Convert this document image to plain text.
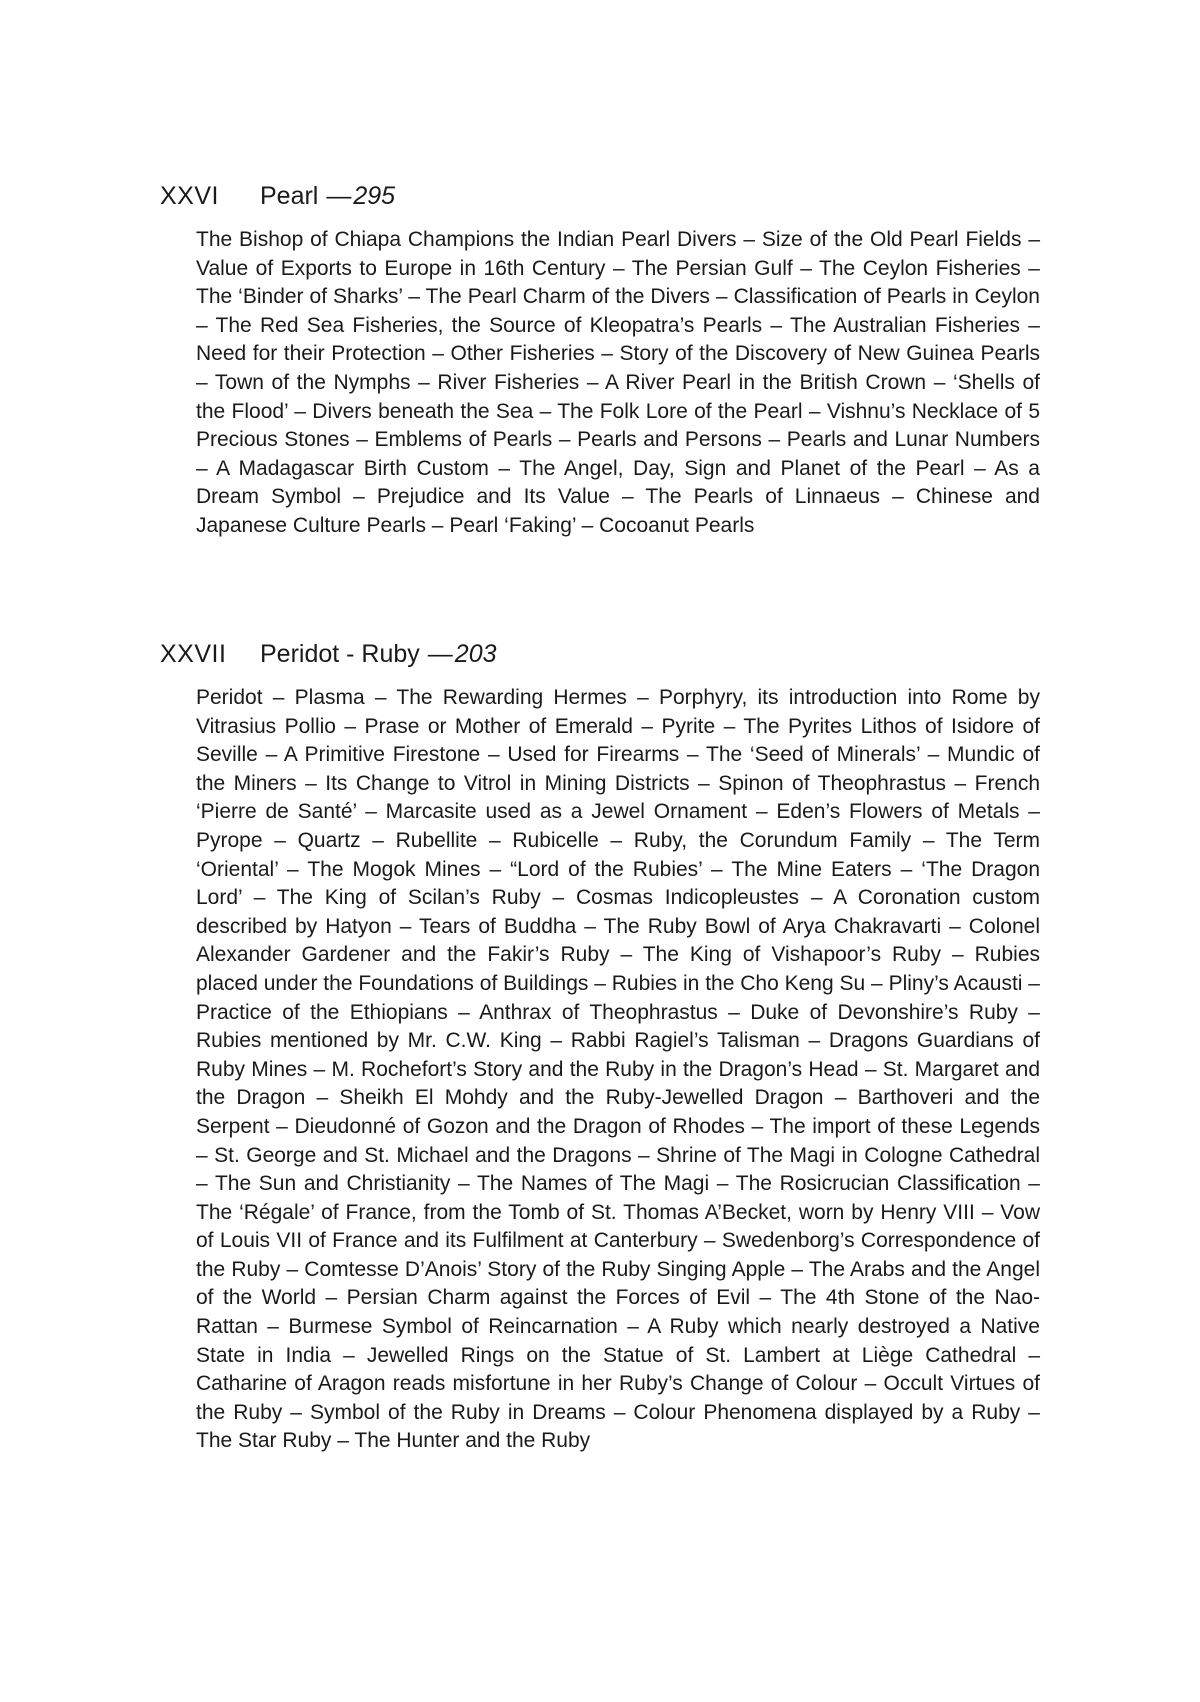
XXVI Pearl —295

The Bishop of Chiapa Champions the Indian Pearl Divers – Size of the Old Pearl Fields – Value of Exports to Europe in 16th Century – The Persian Gulf – The Ceylon Fisheries – The ‘Binder of Sharks’ – The Pearl Charm of the Divers – Classification of Pearls in Ceylon – The Red Sea Fisheries, the Source of Kleopatra’s Pearls – The Australian Fisheries – Need for their Protection – Other Fisheries – Story of the Discovery of New Guinea Pearls – Town of the Nymphs – River Fisheries – A River Pearl in the British Crown – ‘Shells of the Flood’ – Divers beneath the Sea – The Folk Lore of the Pearl – Vishnu’s Necklace of 5 Precious Stones – Emblems of Pearls – Pearls and Persons – Pearls and Lunar Numbers – A Madagascar Birth Custom – The Angel, Day, Sign and Planet of the Pearl – As a Dream Symbol – Prejudice and Its Value – The Pearls of Linnaeus – Chinese and Japanese Culture Pearls – Pearl ‘Faking’ – Cocoanut Pearls

XXVII Peridot - Ruby —203

Peridot – Plasma – The Rewarding Hermes – Porphyry, its introduction into Rome by Vitrasius Pollio – Prase or Mother of Emerald – Pyrite – The Pyrites Lithos of Isidore of Seville – A Primitive Firestone – Used for Firearms – The ‘Seed of Minerals’ – Mundic of the Miners – Its Change to Vitrol in Mining Districts – Spinon of Theophrastus – French ‘Pierre de Santé’ – Marcasite used as a Jewel Ornament – Eden’s Flowers of Metals – Pyrope – Quartz – Rubellite – Rubicelle – Ruby, the Corundum Family – The Term ‘Oriental’ – The Mogok Mines – “Lord of the Rubies’ – The Mine Eaters – ‘The Dragon Lord’ – The King of Scilan’s Ruby – Cosmas Indicopleustes – A Coronation custom described by Hatyon – Tears of Buddha – The Ruby Bowl of Arya Chakravarti – Colonel Alexander Gardener and the Fakir’s Ruby – The King of Vishapoor’s Ruby – Rubies placed under the Foundations of Buildings – Rubies in the Cho Keng Su – Pliny’s Acausti – Practice of the Ethiopians – Anthrax of Theophrastus – Duke of Devonshire’s Ruby – Rubies mentioned by Mr. C.W. King – Rabbi Ragiel’s Talisman – Dragons Guardians of Ruby Mines – M. Rochefort’s Story and the Ruby in the Dragon’s Head – St. Margaret and the Dragon – Sheikh El Mohdy and the Ruby-Jewelled Dragon – Barthoveri and the Serpent – Dieudonné of Gozon and the Dragon of Rhodes – The import of these Legends – St. George and St. Michael and the Dragons – Shrine of The Magi in Cologne Cathedral – The Sun and Christianity – The Names of The Magi – The Rosicrucian Classification – The ‘Régale’ of France, from the Tomb of St. Thomas A’Becket, worn by Henry VIII – Vow of Louis VII of France and its Fulfilment at Canterbury – Swedenborg’s Correspondence of the Ruby – Comtesse D’Anois’ Story of the Ruby Singing Apple – The Arabs and the Angel of the World – Persian Charm against the Forces of Evil – The 4th Stone of the Nao-Rattan – Burmese Symbol of Reincarnation – A Ruby which nearly destroyed a Native State in India – Jewelled Rings on the Statue of St. Lambert at Liège Cathedral – Catharine of Aragon reads misfortune in her Ruby’s Change of Colour – Occult Virtues of the Ruby – Symbol of the Ruby in Dreams – Colour Phenomena displayed by a Ruby – The Star Ruby – The Hunter and the Ruby
